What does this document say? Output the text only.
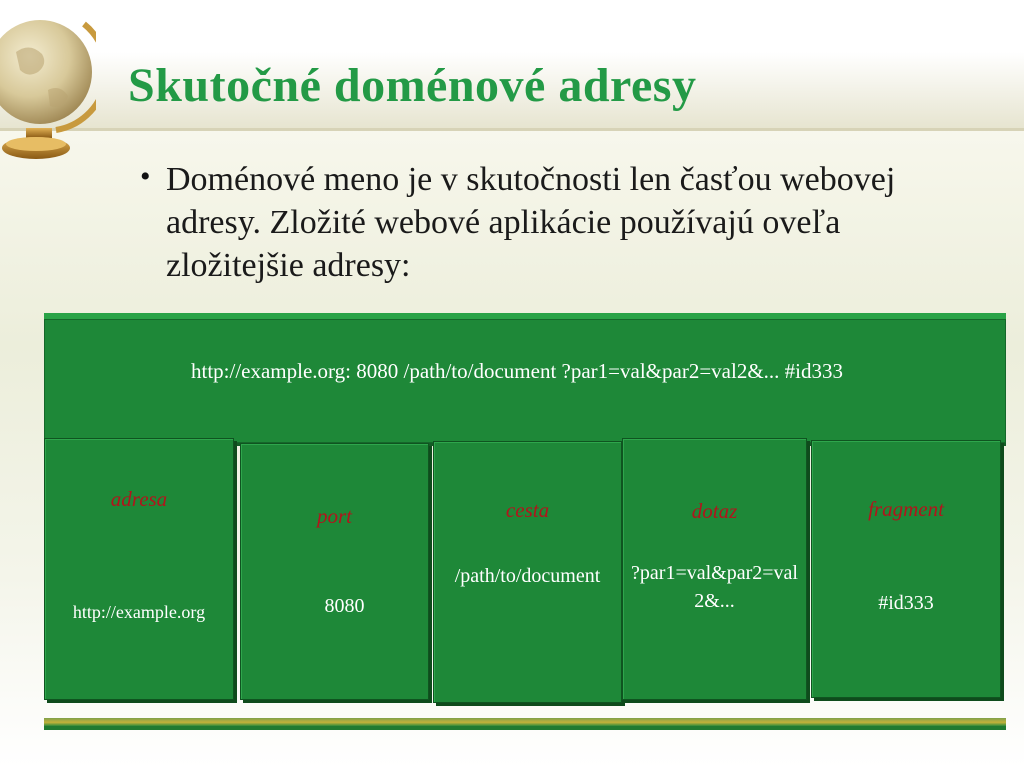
Skutočné doménové adresy
• Doménové meno je v skutočnosti len časťou webovej adresy. Zložité webové aplikácie používajú oveľa zložitejšie adresy:
http://example.org: 8080 /path/to/document ?par1=val&par2=val2&... #id333
adresa
http://example.org
port
8080
cesta
/path/to/document
dotaz
?par1=val&par2=val2&...
fragment
#id333
